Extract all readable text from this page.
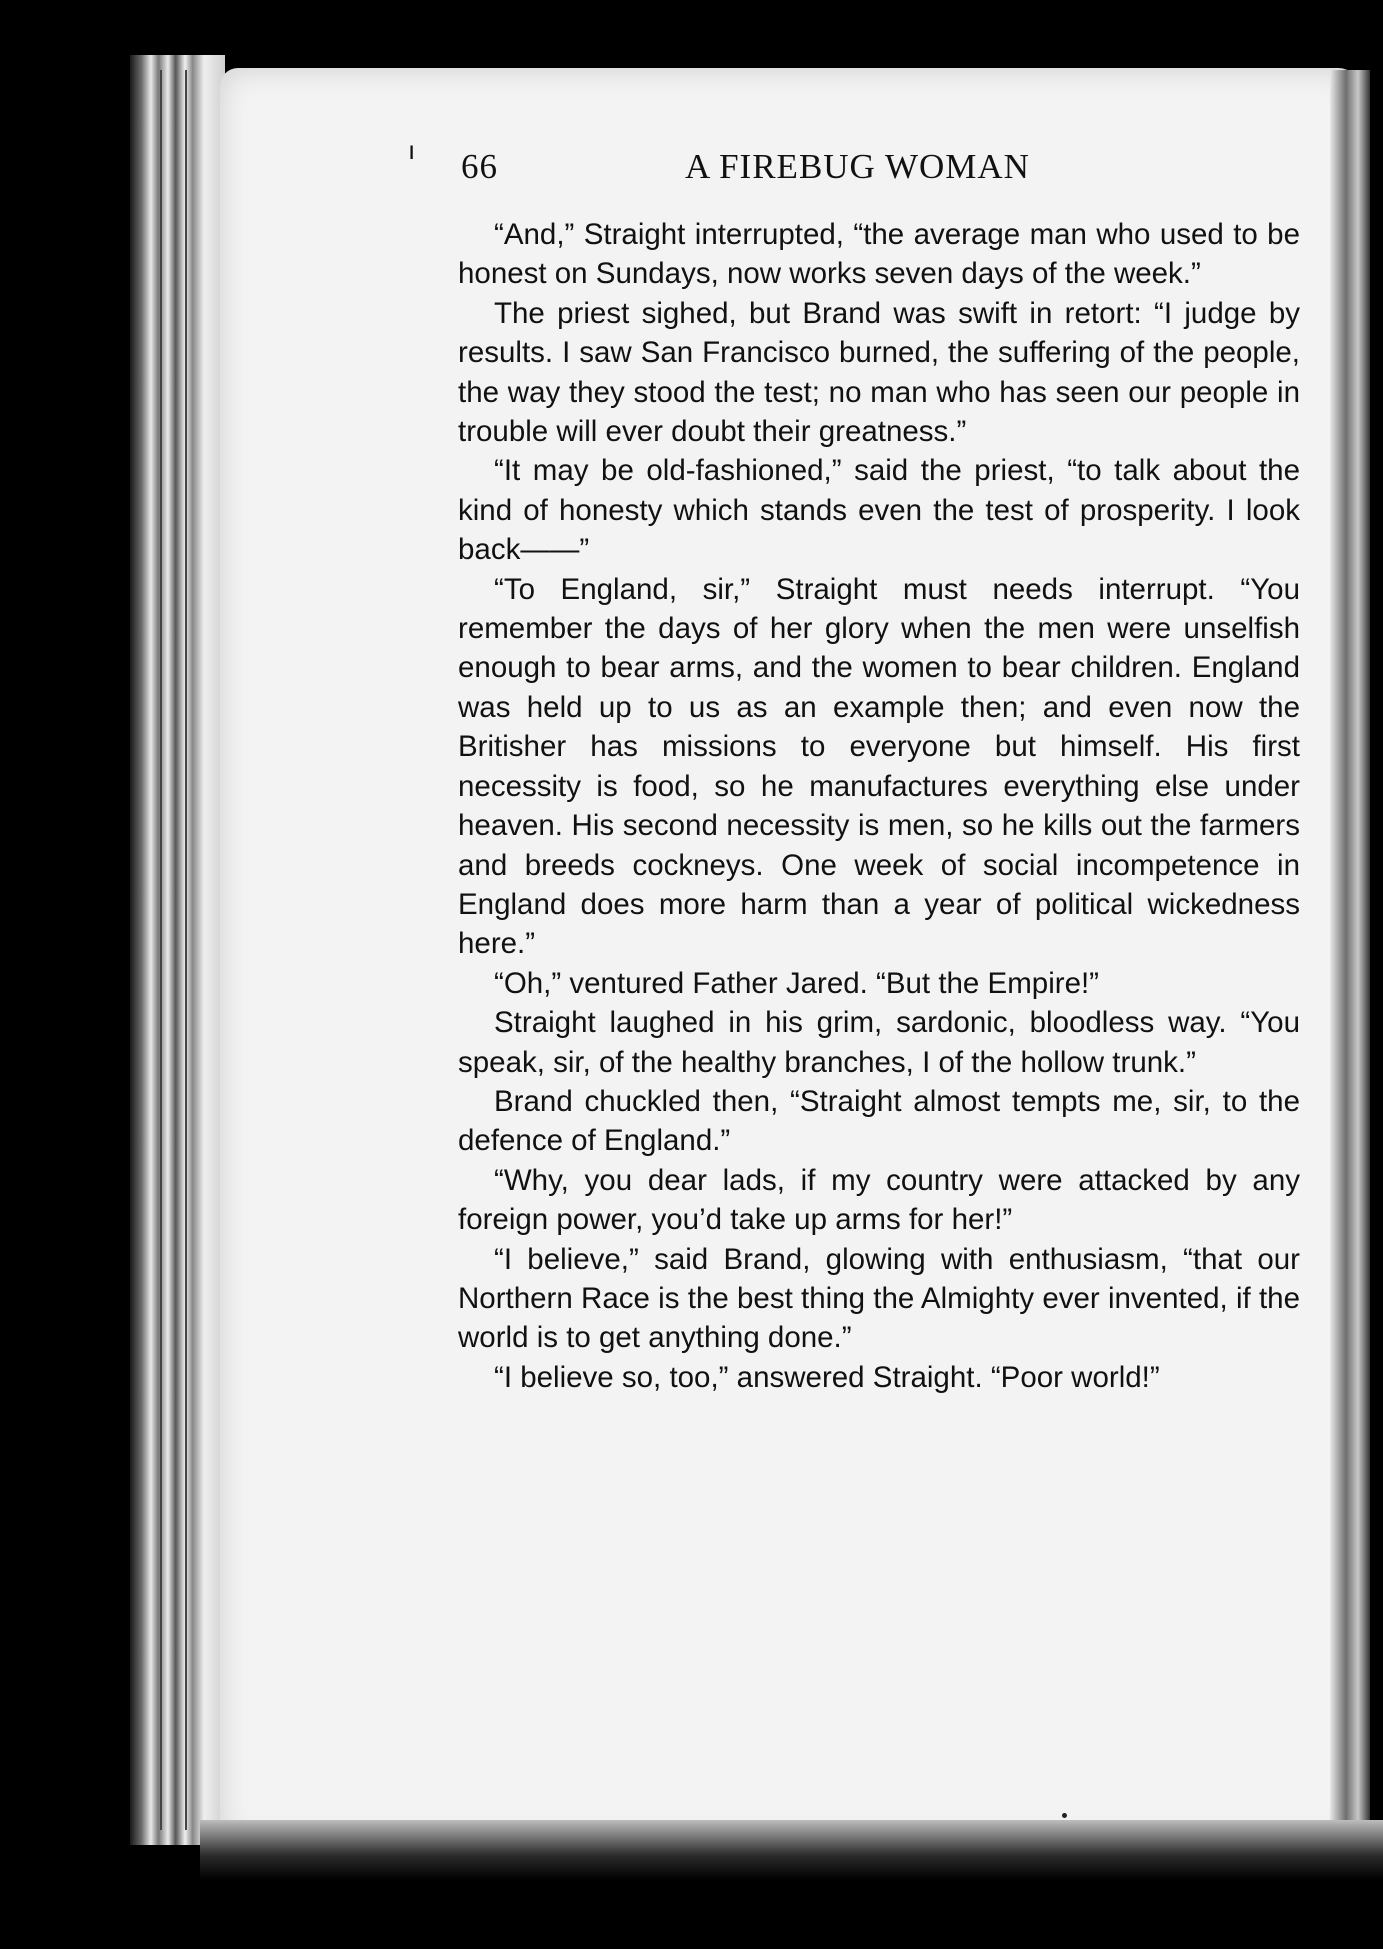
ı 66	A FIREBUG WOMAN

“And,” Straight interrupted, “the average man who used to be honest on Sundays, now works seven days of the week.”

The priest sighed, but Brand was swift in retort: “I judge by results. I saw San Francisco burned, the suffering of the people, the way they stood the test; no man who has seen our people in trouble will ever doubt their greatness.”

“It may be old-fashioned,” said the priest, “to talk about the kind of honesty which stands even the test of prosperity. I look back——”

“To England, sir,” Straight must needs interrupt. “You remember the days of her glory when the men were unselfish enough to bear arms, and the women to bear children. England was held up to us as an example then; and even now the Britisher has missions to everyone but himself. His first necessity is food, so he manufactures everything else under heaven. His second necessity is men, so he kills out the farmers and breeds cockneys. One week of social incompetence in England does more harm than a year of political wickedness here.”

“Oh,” ventured Father Jared. “But the Empire!”

Straight laughed in his grim, sardonic, bloodless way. “You speak, sir, of the healthy branches, I of the hollow trunk.”

Brand chuckled then, “Straight almost tempts me, sir, to the defence of England.”

“Why, you dear lads, if my country were attacked by any foreign power, you’d take up arms for her!”

“I believe,” said Brand, glowing with enthusiasm, “that our Northern Race is the best thing the Almighty ever invented, if the world is to get anything done.”

“I believe so, too,” answered Straight. “Poor world!”
